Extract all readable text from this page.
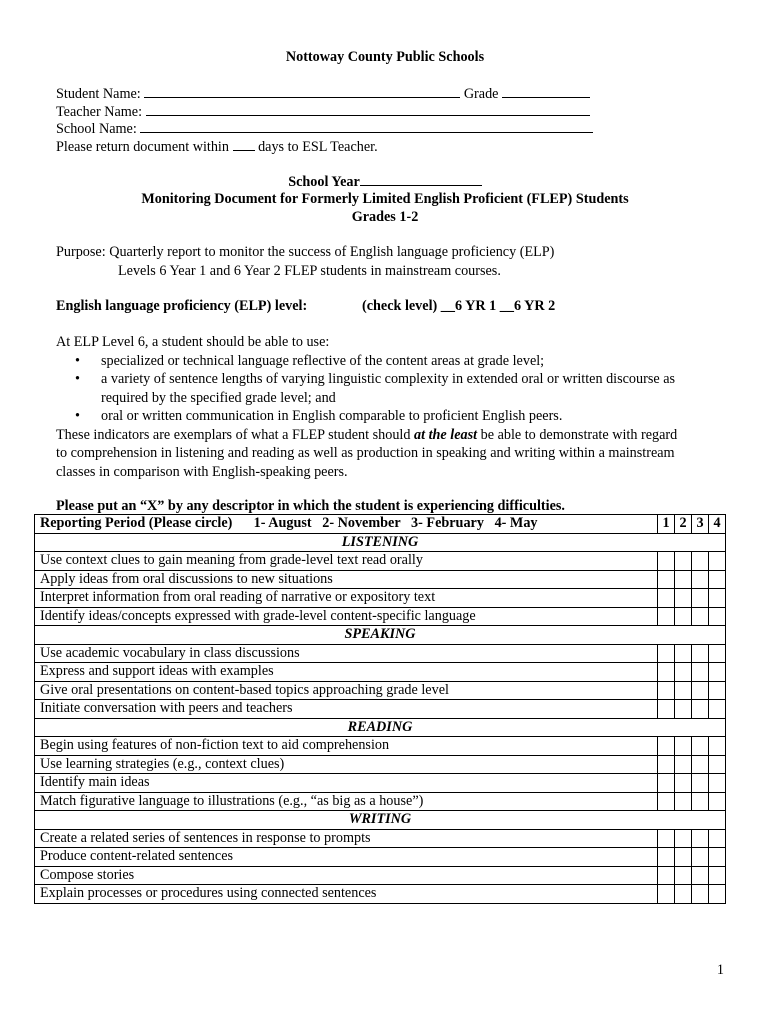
Nottoway County Public Schools
Student Name:	Grade
Teacher Name:
School Name:
Please return document within days to ESL Teacher.
School Year
Monitoring Document for Formerly Limited English Proficient (FLEP) Students
Grades 1-2
Purpose: Quarterly report to monitor the success of English language proficiency (ELP)
Levels 6 Year 1 and 6 Year 2 FLEP students in mainstream courses.
English language proficiency (ELP) level:	(check level) __6 YR 1 __6 YR 2
At ELP Level 6, a student should be able to use:
• specialized or technical language reflective of the content areas at grade level;
• a variety of sentence lengths of varying linguistic complexity in extended oral or written discourse as
required by the specified grade level; and
• oral or written communication in English comparable to proficient English peers.
These indicators are exemplars of what a FLEP student should at the least be able to demonstrate with regard
to comprehension in listening and reading as well as production in speaking and writing within a mainstream
classes in comparison with English-speaking peers.
Please put an “X” by any descriptor in which the student is experiencing difficulties.
Reporting Period (Please circle)      1- August   2- November   3- February   4- May	1	2	3	4
LISTENING				
Use context clues to gain meaning from grade-level text read orally				
Apply ideas from oral discussions to new situations				
Interpret information from oral reading of narrative or expository text				
Identify ideas/concepts expressed with grade-level content-specific language				
SPEAKING				
Use academic vocabulary in class discussions				
Express and support ideas with examples				
Give oral presentations on content-based topics approaching grade level				
Initiate conversation with peers and teachers				
READING				
Begin using features of non-fiction text to aid comprehension				
Use learning strategies (e.g., context clues)				
Identify main ideas				
Match figurative language to illustrations (e.g., “as big as a house”)				
WRITING				
Create a related series of sentences in response to prompts				
Produce content-related sentences				
Compose stories				
Explain processes or procedures using connected sentences				
1
